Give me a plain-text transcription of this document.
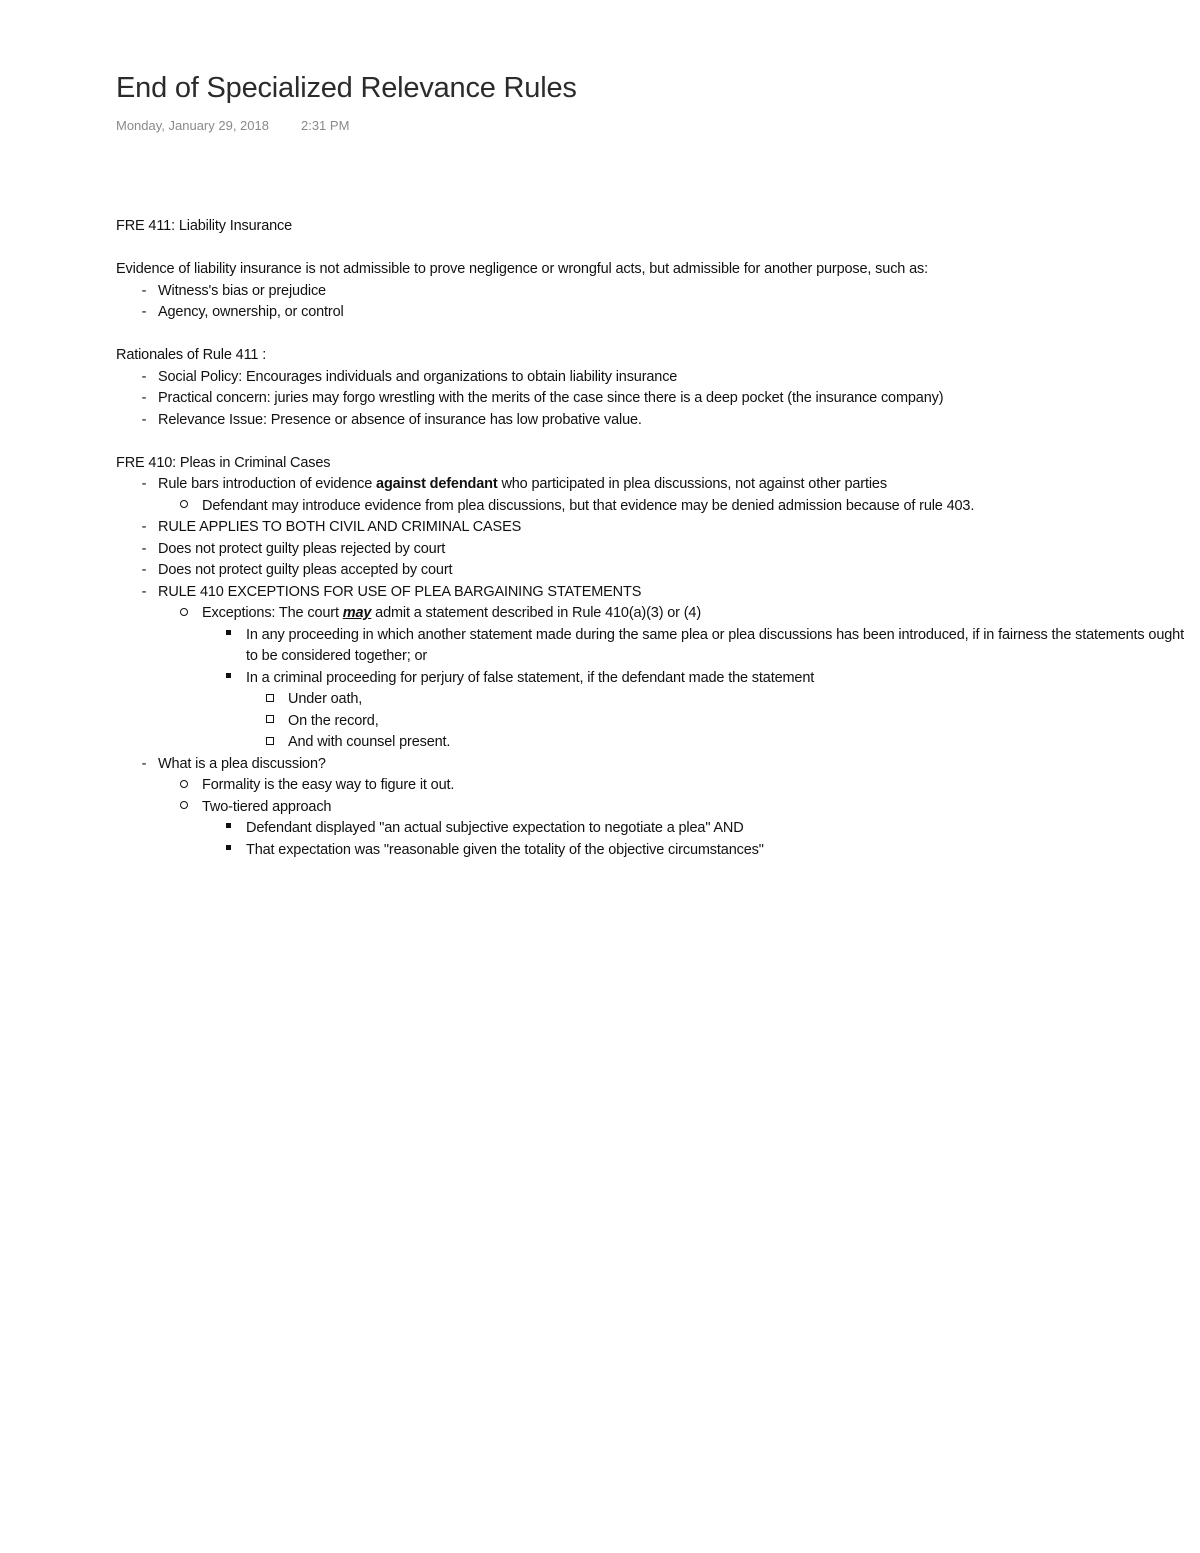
End of Specialized Relevance Rules
Monday, January 29, 2018 2:31 PM
FRE 411: Liability Insurance
Evidence of liability insurance is not admissible to prove negligence or wrongful acts, but admissible for another purpose, such as:
- Witness's bias or prejudice
- Agency, ownership, or control
Rationales of Rule 411 :
- Social Policy: Encourages individuals and organizations to obtain liability insurance
- Practical concern: juries may forgo wrestling with the merits of the case since there is a deep pocket (the insurance company)
- Relevance Issue: Presence or absence of insurance has low probative value.
FRE 410: Pleas in Criminal Cases
- Rule bars introduction of evidence against defendant who participated in plea discussions, not against other parties
Defendant may introduce evidence from plea discussions, but that evidence may be denied admission because of rule 403.
- RULE APPLIES TO BOTH CIVIL AND CRIMINAL CASES
- Does not protect guilty pleas rejected by court
- Does not protect guilty pleas accepted by court
- RULE 410 EXCEPTIONS FOR USE OF PLEA BARGAINING STATEMENTS
Exceptions: The court may admit a statement described in Rule 410(a)(3) or (4)
In any proceeding in which another statement made during the same plea or plea discussions has been introduced, if in fairness the statements ought to be considered together; or
In a criminal proceeding for perjury of false statement, if the defendant made the statement
Under oath,
On the record,
And with counsel present.
- What is a plea discussion?
Formality is the easy way to figure it out.
Two-tiered approach
Defendant displayed "an actual subjective expectation to negotiate a plea" AND
That expectation was "reasonable given the totality of the objective circumstances"
